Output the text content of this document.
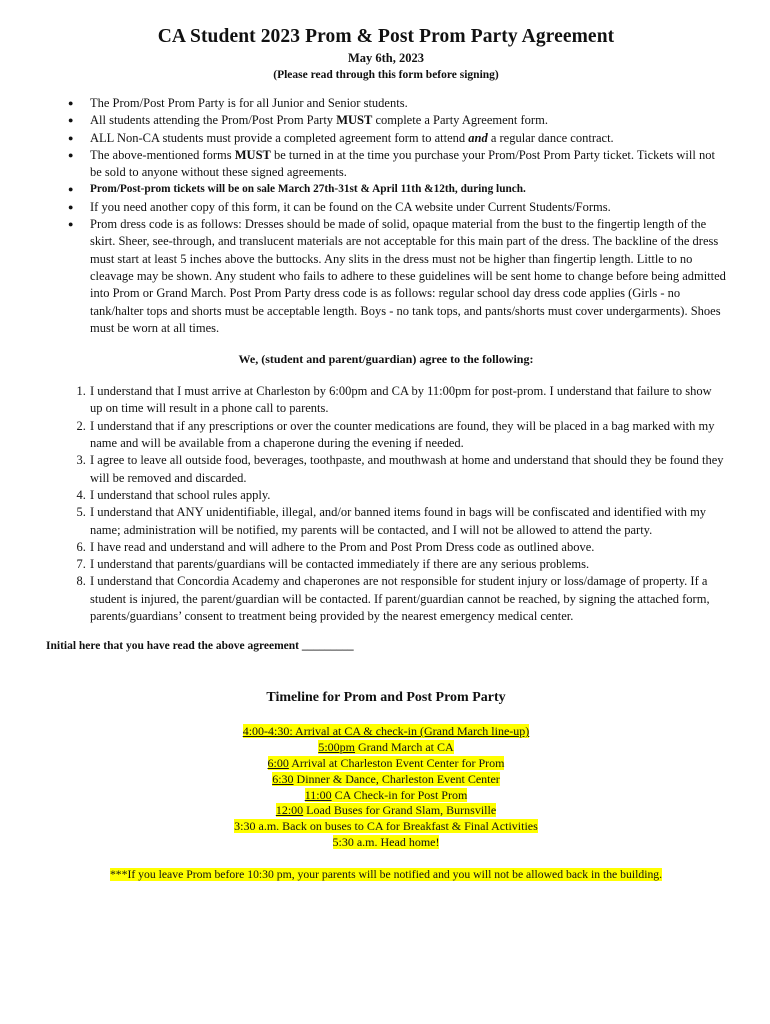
CA Student 2023 Prom & Post Prom Party Agreement
May 6th, 2023
(Please read through this form before signing)
● The Prom/Post Prom Party is for all Junior and Senior students.
● All students attending the Prom/Post Prom Party MUST complete a Party Agreement form.
● ALL Non-CA students must provide a completed agreement form to attend and a regular dance contract.
● The above-mentioned forms MUST be turned in at the time you purchase your Prom/Post Prom Party ticket. Tickets will not be sold to anyone without these signed agreements.
● Prom/Post-prom tickets will be on sale March 27th-31st & April 11th &12th, during lunch.
● If you need another copy of this form, it can be found on the CA website under Current Students/Forms.
● Prom dress code is as follows: Dresses should be made of solid, opaque material from the bust to the fingertip length of the skirt. Sheer, see-through, and translucent materials are not acceptable for this main part of the dress. The backline of the dress must start at least 5 inches above the buttocks. Any slits in the dress must not be higher than fingertip length. Little to no cleavage may be shown. Any student who fails to adhere to these guidelines will be sent home to change before being admitted into Prom or Grand March. Post Prom Party dress code is as follows: regular school day dress code applies (Girls - no tank/halter tops and shorts must be acceptable length. Boys - no tank tops, and pants/shorts must cover undergarments). Shoes must be worn at all times.
We, (student and parent/guardian) agree to the following:
1. I understand that I must arrive at Charleston by 6:00pm and CA by 11:00pm for post-prom. I understand that failure to show up on time will result in a phone call to parents.
2. I understand that if any prescriptions or over the counter medications are found, they will be placed in a bag marked with my name and will be available from a chaperone during the evening if needed.
3. I agree to leave all outside food, beverages, toothpaste, and mouthwash at home and understand that should they be found they will be removed and discarded.
4. I understand that school rules apply.
5. I understand that ANY unidentifiable, illegal, and/or banned items found in bags will be confiscated and identified with my name; administration will be notified, my parents will be contacted, and I will not be allowed to attend the party.
6. I have read and understand and will adhere to the Prom and Post Prom Dress code as outlined above.
7. I understand that parents/guardians will be contacted immediately if there are any serious problems.
8. I understand that Concordia Academy and chaperones are not responsible for student injury or loss/damage of property. If a student is injured, the parent/guardian will be contacted. If parent/guardian cannot be reached, by signing the attached form, parents/guardians’ consent to treatment being provided by the nearest emergency medical center.
Initial here that you have read the above agreement _________
Timeline for Prom and Post Prom Party
4:00-4:30: Arrival at CA & check-in (Grand March line-up)
5:00pm Grand March at CA
6:00 Arrival at Charleston Event Center for Prom
6:30 Dinner & Dance, Charleston Event Center
11:00 CA Check-in for Post Prom
12:00 Load Buses for Grand Slam, Burnsville
3:30 a.m. Back on buses to CA for Breakfast & Final Activities
5:30 a.m. Head home!
***If you leave Prom before 10:30 pm, your parents will be notified and you will not be allowed back in the building.
